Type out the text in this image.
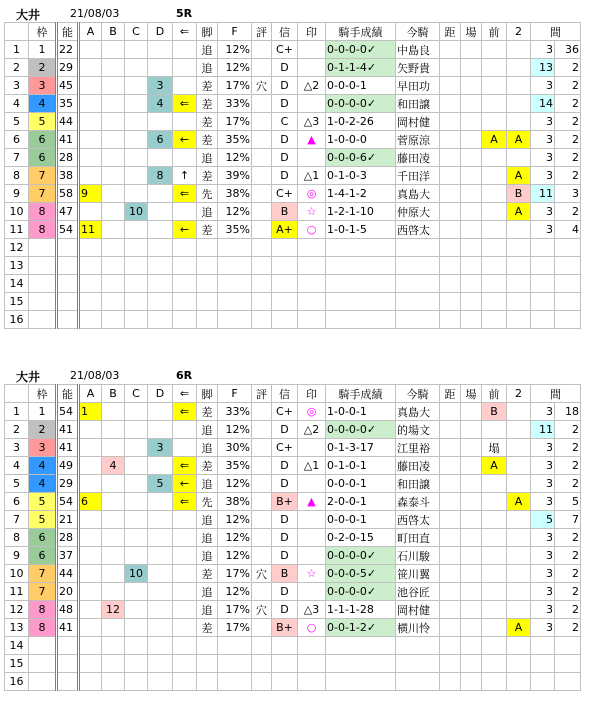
大井	21/08/03	5R
	枠	能	A	B	C	D	⇐	脚	F	評	信	印	騎手成績	今騎	距	場	前	2	間	
1	1	22						追	12%		C+		0-0-0-0✓	中島良					3	36
2	2	29						追	12%		D		0-1-1-4✓	矢野貴					13	2
3	3	45				3		差	17%	穴	D	△2	0-0-0-1	早田功					3	2
4	4	35				4	⇐	差	33%		D		0-0-0-0✓	和田譲					14	2
5	5	44						差	17%		C	△3	1-0-2-26	岡村健					3	2
6	6	41				6	←	差	35%		D	▲	1-0-0-0	菅原涼			A	A	3	2
7	6	28						追	12%		D		0-0-0-6✓	藤田凌					3	2
8	7	38				8	↑	差	39%		D	△1	0-1-0-3	千田洋				A	3	2
9	7	58	9				⇐	先	38%		C+	◎	1-4-1-2	真島大				B	11	3
10	8	47			10			追	12%		B	☆	1-2-1-10	仲原大				A	3	2
11	8	54	11				←	差	35%		A+	○	1-0-1-5	西啓太					3	4
12																				
13																				
14																				
15																				
16																				
大井	21/08/03	6R
	枠	能	A	B	C	D	⇐	脚	F	評	信	印	騎手成績	今騎	距	場	前	2	間	
1	1	54	1				⇐	差	33%		C+	◎	1-0-0-1	真島大			B		3	18
2	2	41						追	12%		D	△2	0-0-0-0✓	的場文					11	2
3	3	41				3		追	30%		C+		0-1-3-17	江里裕			塌		3	2
4	4	49		4			⇐	差	35%		D	△1	0-1-0-1	藤田凌			A		3	2
5	4	29				5	←	追	12%		D		0-0-0-1	和田譲					3	2
6	5	54	6				⇐	先	38%		B+	▲	2-0-0-1	森泰斗				A	3	5
7	5	21						追	12%		D		0-0-0-1	西啓太					5	7
8	6	28						追	12%		D		0-2-0-15	町田直					3	2
9	6	37						追	12%		D		0-0-0-0✓	石川駿					3	2
10	7	44			10			差	17%	穴	B	☆	0-0-0-5✓	笹川翼					3	2
11	7	20						追	12%		D		0-0-0-0✓	池谷匠					3	2
12	8	48		12				追	17%	穴	D	△3	1-1-1-28	岡村健					3	2
13	8	41						差	17%		B+	○	0-0-1-2✓	横川怜				A	3	2
14																				
15																				
16																				
